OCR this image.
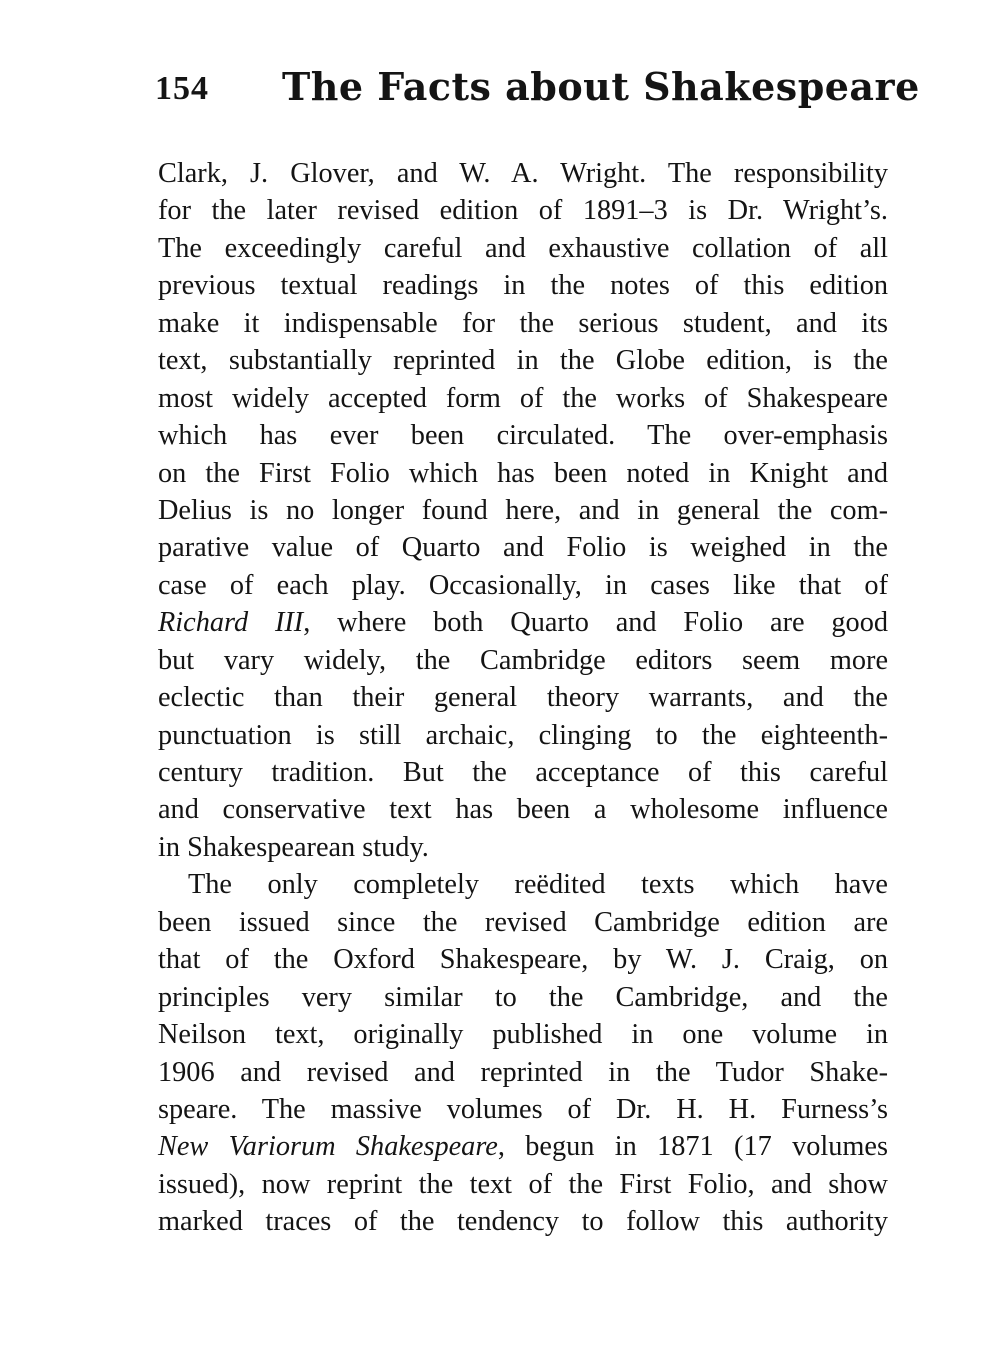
154 The Facts about Shakespeare
Clark, J. Glover, and W. A. Wright. The responsibility
for the later revised edition of 1891–3 is Dr. Wright’s.
The exceedingly careful and exhaustive collation of all
previous textual readings in the notes of this edition
make it indispensable for the serious student, and its
text, substantially reprinted in the Globe edition, is the
most widely accepted form of the works of Shakespeare
which has ever been circulated. The over-emphasis
on the First Folio which has been noted in Knight and
Delius is no longer found here, and in general the com-
parative value of Quarto and Folio is weighed in the
case of each play. Occasionally, in cases like that of
Richard III, where both Quarto and Folio are good
but vary widely, the Cambridge editors seem more
eclectic than their general theory warrants, and the
punctuation is still archaic, clinging to the eighteenth-
century tradition. But the acceptance of this careful
and conservative text has been a wholesome influence
in Shakespearean study.
The only completely reëdited texts which have
been issued since the revised Cambridge edition are
that of the Oxford Shakespeare, by W. J. Craig, on
principles very similar to the Cambridge, and the
Neilson text, originally published in one volume in
1906 and revised and reprinted in the Tudor Shake-
speare. The massive volumes of Dr. H. H. Furness’s
New Variorum Shakespeare, begun in 1871 (17 volumes
issued), now reprint the text of the First Folio, and show
marked traces of the tendency to follow this authority
